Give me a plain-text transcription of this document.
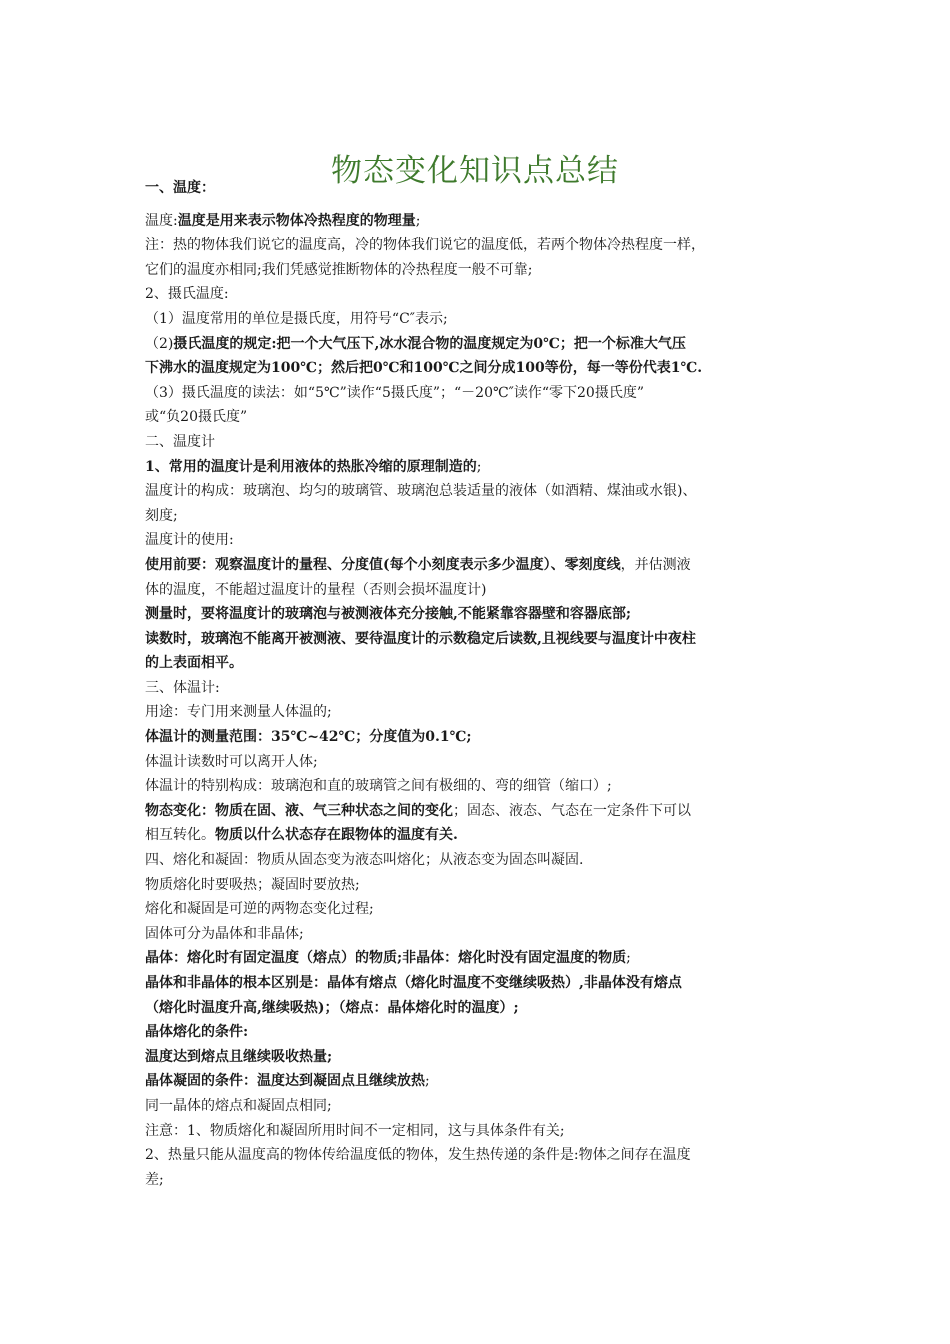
物态变化知识点总结
一、温度：
温度:温度是用来表示物体冷热程度的物理量;
注：热的物体我们说它的温度高，冷的物体我们说它的温度低，若两个物体冷热程度一样，
它们的温度亦相同;我们凭感觉推断物体的冷热程度一般不可靠;
2、摄氏温度:
（1）温度常用的单位是摄氏度，用符号“C″表示;
（2)摄氏温度的规定:把一个大气压下,冰水混合物的温度规定为0℃；把一个标准大气压
下沸水的温度规定为100℃；然后把0℃和100℃之间分成100等份，每一等份代表1℃.
（3）摄氏温度的读法：如“5℃”读作“5摄氏度”；“－20℃″读作“零下20摄氏度”
或“负20摄氏度”
二、温度计
1、常用的温度计是利用液体的热胀冷缩的原理制造的;
温度计的构成：玻璃泡、均匀的玻璃管、玻璃泡总装适量的液体（如酒精、煤油或水银)、
刻度;
温度计的使用:
使用前要：观察温度计的量程、分度值(每个小刻度表示多少温度）、零刻度线，并估测液
体的温度，不能超过温度计的量程（否则会损坏温度计)
测量时，要将温度计的玻璃泡与被测液体充分接触,不能紧靠容器壁和容器底部;
读数时，玻璃泡不能离开被测液、要待温度计的示数稳定后读数,且视线要与温度计中夜柱
的上表面相平。
三、体温计:
用途：专门用来测量人体温的;
体温计的测量范围：35℃~42℃；分度值为0.1℃;
体温计读数时可以离开人体;
体温计的特别构成：玻璃泡和直的玻璃管之间有极细的、弯的细管（缩口）;
物态变化：物质在固、液、气三种状态之间的变化；固态、液态、气态在一定条件下可以
相互转化。物质以什么状态存在跟物体的温度有关.
四、熔化和凝固：物质从固态变为液态叫熔化；从液态变为固态叫凝固.
物质熔化时要吸热；凝固时要放热;
熔化和凝固是可逆的两物态变化过程;
固体可分为晶体和非晶体;
晶体：熔化时有固定温度（熔点）的物质;非晶体：熔化时没有固定温度的物质;
晶体和非晶体的根本区别是：晶体有熔点（熔化时温度不变继续吸热）,非晶体没有熔点
（熔化时温度升高,继续吸热)；（熔点：晶体熔化时的温度）;
晶体熔化的条件:
温度达到熔点且继续吸收热量;
晶体凝固的条件：温度达到凝固点且继续放热;
同一晶体的熔点和凝固点相同;
注意：1、物质熔化和凝固所用时间不一定相同，这与具体条件有关;
2、热量只能从温度高的物体传给温度低的物体，发生热传递的条件是:物体之间存在温度
差;
